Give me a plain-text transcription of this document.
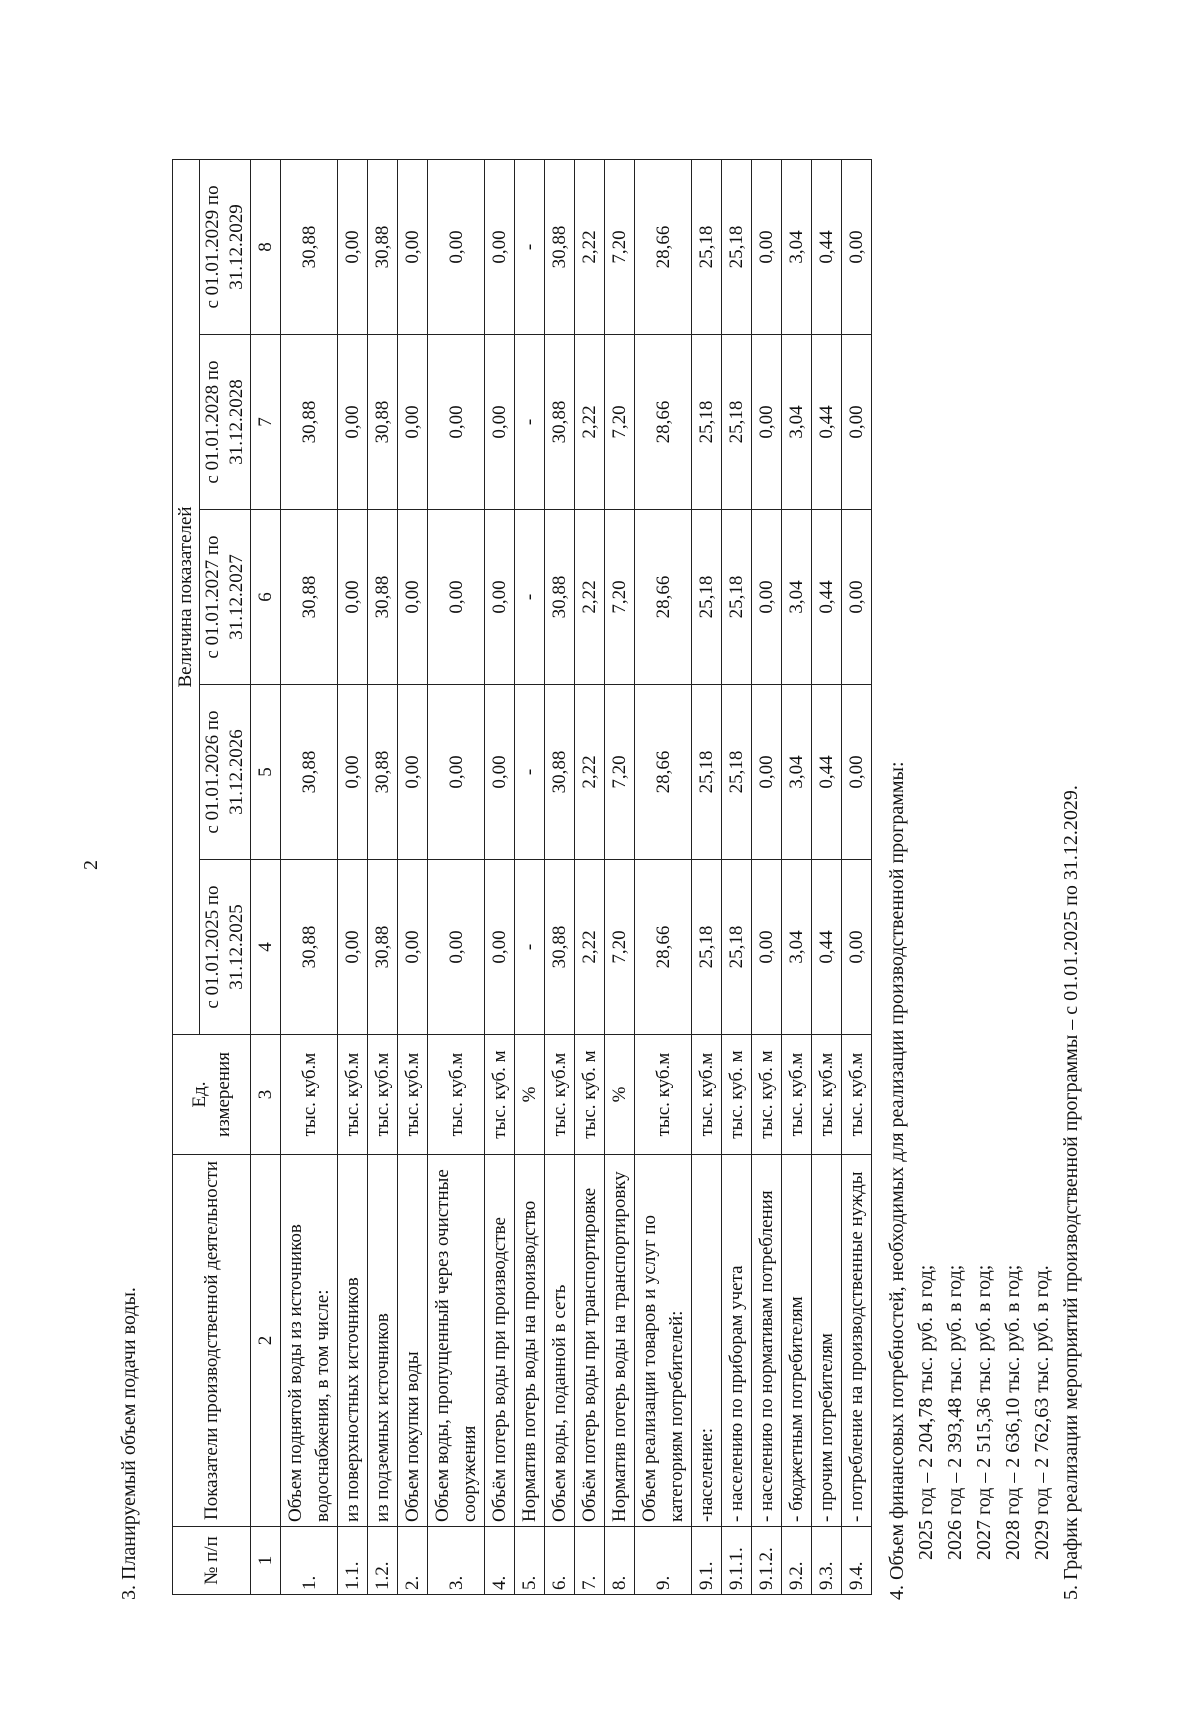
2
3. Планируемый объем подачи воды.	№ п/п	Показатели производственной деятельности	Ед. измерения	Величина показателей				
			с 01.01.2025 по 31.12.2025	с 01.01.2026 по 31.12.2026	с 01.01.2027 по 31.12.2027	с 01.01.2028 по 31.12.2028	с 01.01.2029 по 31.12.2029
1	2	3	4	5	6	7	8
1.	Объем поднятой воды из источников водоснабжения, в том числе:	тыс. куб.м	30,88	30,88	30,88	30,88	30,88
1.1.	из поверхностных источников	тыс. куб.м	0,00	0,00	0,00	0,00	0,00
1.2.	из подземных источников	тыс. куб.м	30,88	30,88	30,88	30,88	30,88
2.	Объем покупки воды	тыс. куб.м	0,00	0,00	0,00	0,00	0,00
3.	Объем воды, пропущенный через очистные сооружения	тыс. куб.м	0,00	0,00	0,00	0,00	0,00
4.	Объём потерь воды при производстве	тыс. куб. м	0,00	0,00	0,00	0,00	0,00
5.	Норматив потерь воды на производство	%	-	-	-	-	-
6.	Объем воды, поданной в сеть	тыс. куб.м	30,88	30,88	30,88	30,88	30,88
7.	Объём потерь воды при транспортировке	тыс. куб. м	2,22	2,22	2,22	2,22	2,22
8.	Норматив потерь воды на транспортировку	%	7,20	7,20	7,20	7,20	7,20
9.	Объем реализации товаров и услуг по категориям потребителей:	тыс. куб.м	28,66	28,66	28,66	28,66	28,66
9.1.	-население:	тыс. куб.м	25,18	25,18	25,18	25,18	25,18
9.1.1.	- населению по приборам учета	тыс. куб. м	25,18	25,18	25,18	25,18	25,18
9.1.2.	- населению по нормативам потребления	тыс. куб. м	0,00	0,00	0,00	0,00	0,00
9.2.	- бюджетным потребителям	тыс. куб.м	3,04	3,04	3,04	3,04	3,04
9.3.	- прочим потребителям	тыс. куб.м	0,44	0,44	0,44	0,44	0,44
9.4.	- потребление на производственные нужды	тыс. куб.м	0,00	0,00	0,00	0,00	0,00
4. Объем финансовых потребностей, необходимых для реализации производственной программы: 2025 год – 2 204,78 тыс. руб. в год; 2026 год – 2 393,48 тыс. руб. в год; 2027 год – 2 515,36 тыс. руб. в год; 2028 год – 2 636,10 тыс. руб. в год; 2029 год – 2 762,63 тыс. руб. в год. 5. График реализации мероприятий производственной программы – с 01.01.2025 по 31.12.2029.
